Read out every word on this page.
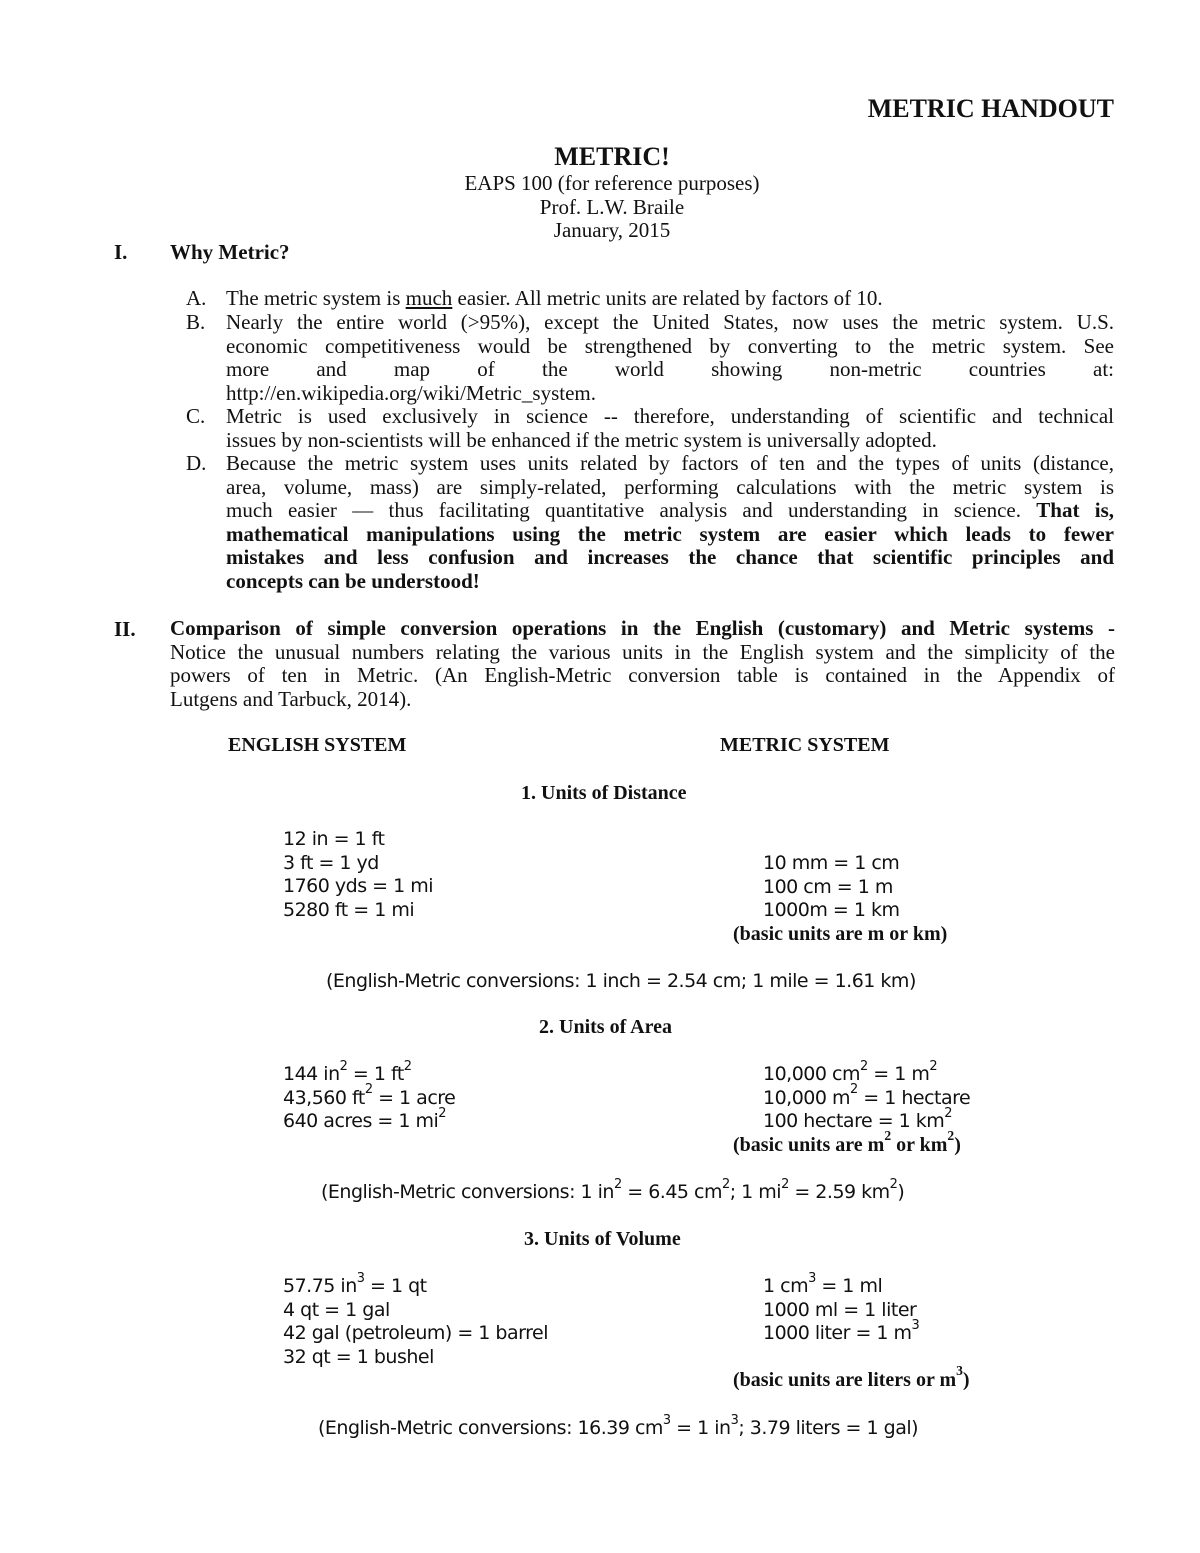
METRIC HANDOUT
METRIC!
EAPS 100 (for reference purposes)
Prof. L.W. Braile
January, 2015
I. Why Metric?
A. The metric system is much easier. All metric units are related by factors of 10.
B. Nearly the entire world (>95%), except the United States, now uses the metric system. U.S.
economic competitiveness would be strengthened by converting to the metric system. See
more and map of the world showing non-metric countries at:
http://en.wikipedia.org/wiki/Metric_system.
C. Metric is used exclusively in science -- therefore, understanding of scientific and technical
issues by non-scientists will be enhanced if the metric system is universally adopted.
D. Because the metric system uses units related by factors of ten and the types of units (distance,
area, volume, mass) are simply-related, performing calculations with the metric system is
much easier — thus facilitating quantitative analysis and understanding in science. That is,
mathematical manipulations using the metric system are easier which leads to fewer
mistakes and less confusion and increases the chance that scientific principles and
concepts can be understood!
II. Comparison of simple conversion operations in the English (customary) and Metric systems -
Notice the unusual numbers relating the various units in the English system and the simplicity of the
powers of ten in Metric. (An English-Metric conversion table is contained in the Appendix of
Lutgens and Tarbuck, 2014).
ENGLISH SYSTEM	METRIC SYSTEM
1. Units of Distance
12 in = 1 ft
3 ft = 1 yd
1760 yds = 1 mi
5280 ft = 1 mi
10 mm = 1 cm
100 cm = 1 m
1000m = 1 km
(basic units are m or km)
(English-Metric conversions: 1 inch = 2.54 cm; 1 mile = 1.61 km)
2. Units of Area
144 $in^2 = 1$ $ft^2$
43,560 $ft^2 = 1$ acre
640 acres = 1 $mi^2$
10,000 $cm^2 = 1$ $m^2$
10,000 $m^2 = 1$ hectare
100 hectare = 1 $km^2$
(basic units are $m^2$ or $km^2$)
(English-Metric conversions: 1 $in^2 = 6.45$ $cm^2$; 1 $mi^2 = 2.59$ $km^2$)
3. Units of Volume
57.75 $in^3 = 1$ qt
4 qt = 1 gal
42 gal (petroleum) = 1 barrel
32 qt = 1 bushel
1 $cm^3 = 1$ ml
1000 ml = 1 liter
1000 liter = 1 $m^3$
(basic units are liters or $m^3$)
(English-Metric conversions: 16.39 $cm^3 = 1$ $in^3$; 3.79 liters = 1 gal)
